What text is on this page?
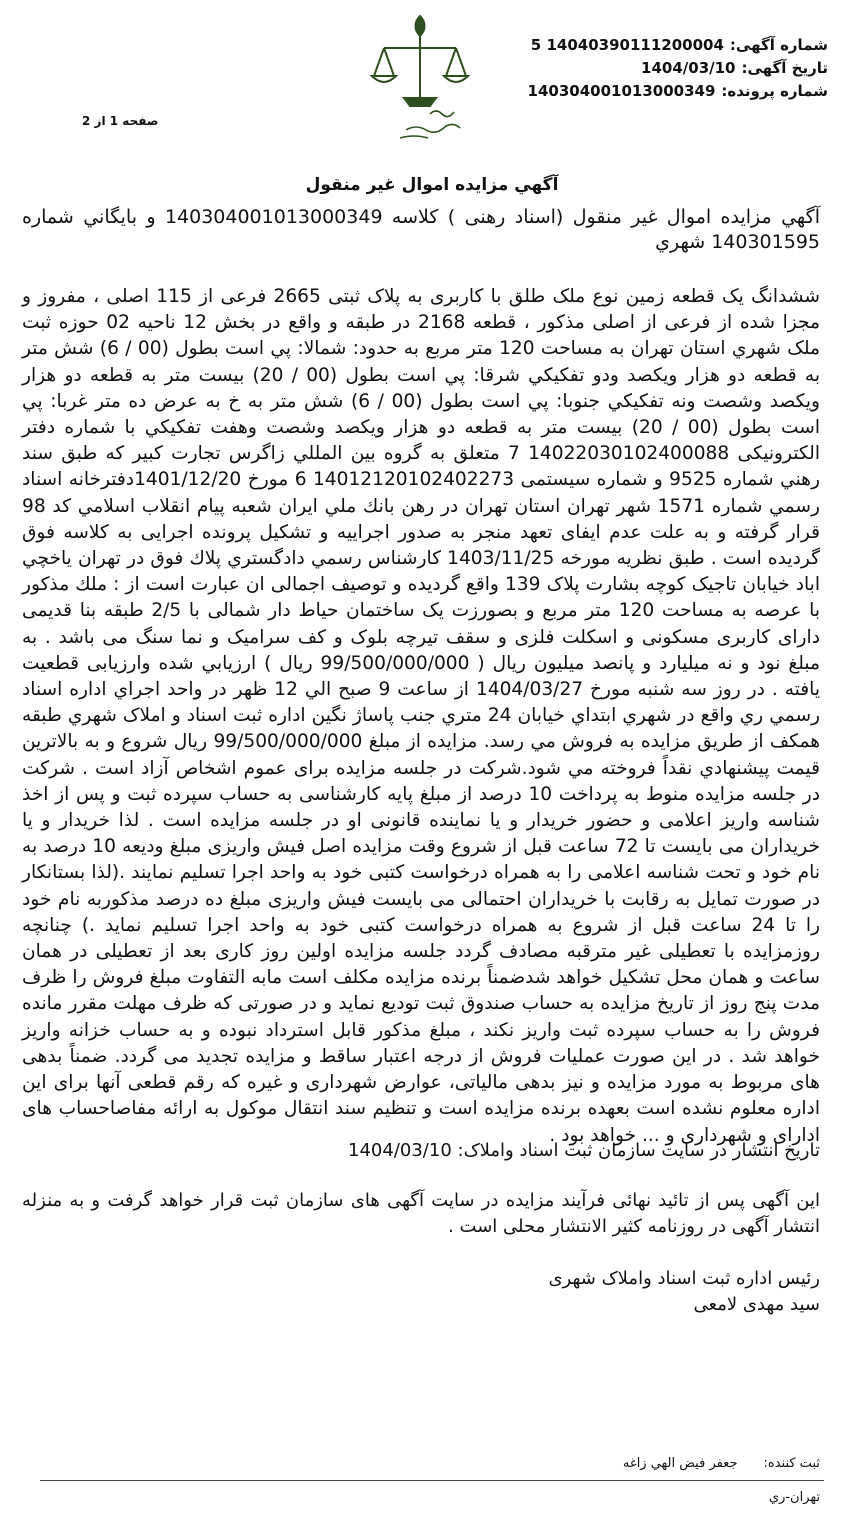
شماره آگهی:
14040390111200004 5
تاریخ آگهی:
1404/03/10
شماره پرونده:
140304001013000349
صفحه 1 از 2
آگهي مزايده اموال غير منقول
آگهي مزايده اموال غير منقول (اسناد رهنی ) کلاسه 140304001013000349 و بايگاني شماره 140301595 شهري
ششدانگ یک قطعه زمین نوع ملک طلق با کاربری به پلاک ثبتی 2665 فرعی از 115 اصلی ، مفروز و مجزا شده از فرعی از اصلی مذکور ، قطعه 2168 در طبقه و واقع در بخش 12 ناحيه 02 حوزه ثبت ملک شهري استان تهران به مساحت 120 متر مربع به حدود: شمالا: پي است بطول (00 / 6) شش متر به قطعه دو هزار ویکصد ودو تفکیکي شرقا: پي است بطول (00 / 20) بیست متر به قطعه دو هزار ویکصد وشصت ونه تفکیکي جنوبا: پي است بطول (00 / 6) شش متر به خ به عرض ده متر غربا: پي است بطول (00 / 20) بیست متر به قطعه دو هزار ویکصد وشصت وهفت تفکیکي با شماره دفتر الکترونیکی 14022030102400088 7 متعلق به گروه بین المللي زاگرس تجارت کبير که طبق سند رهني شماره 9525 و شماره سیستمی 14012120102402273 6 مورخ 1401/12/20دفترخانه اسناد رسمي شماره 1571 شهر تهران استان تهران در رهن بانك ملي ايران شعبه پيام انقلاب اسلامي کد 98 قرار گرفته و به علت عدم ایفای تعهد منجر به صدور اجراییه و تشکیل پرونده اجرایی به کلاسه فوق گردیده است . طبق نظريه مورخه 1403/11/25 کارشناس رسمي دادگستري پلاك فوق در تهران ياخچي اباد خيابان تاجيک کوچه بشارت پلاک 139 واقع گردیده و توصیف اجمالی ان عبارت است از : ملك مذکور با عرصه به مساحت 120 متر مربع و بصورزت یک ساختمان حياط دار شمالی با 2/5 طبقه بنا قدیمی دارای کاربری مسکونی و اسکلت فلزی و سقف تیرچه بلوک و کف سرامیک و نما سنگ می باشد . به مبلغ نود و نه میلیارد و پانصد میلیون ريال ( 99/500/000/000 ريال ) ارزيابي شده وارزيابی قطعيت یافته . در روز سه شنبه مورخ 1404/03/27 از ساعت 9 صبح الي 12 ظهر در واحد اجراي اداره اسناد رسمي ري واقع در شهري ابتداي خيابان 24 متري جنب پاساژ نگين اداره ثبت اسناد و املاک شهري طبقه همكف از طريق مزايده به فروش مي رسد. مزايده از مبلغ 99/500/000/000 ريال شروع و به بالاترين قیمت پیشنهادي نقداً فروخته مي شود.شرکت در جلسه مزایده برای عموم اشخاص آزاد است . شرکت در جلسه مزایده منوط به پرداخت 10 درصد از مبلغ پایه کارشناسی به حساب سپرده ثبت و پس از اخذ شناسه واریز اعلامی و حضور خریدار و یا نماینده قانونی او در جلسه مزایده است . لذا خریدار و یا خریداران می بایست تا 72 ساعت قبل از شروع وقت مزایده اصل فیش واریزی مبلغ ودیعه 10 درصد به نام خود و تحت شناسه اعلامی را به همراه درخواست کتبی خود به واحد اجرا تسلیم نمایند .(لذا بستانکار در صورت تمایل به رقابت با خریداران احتمالی می بایست فیش واریزی مبلغ ده درصد مذکوربه نام خود را تا 24 ساعت قبل از شروع به همراه درخواست کتبی خود به واحد اجرا تسلیم نماید .) چنانچه روزمزایده با تعطیلی غیر مترقبه مصادف گردد جلسه مزایده اولین روز کاری بعد از تعطیلی در همان ساعت و همان محل تشکیل خواهد شدضمناً برنده مزایده مکلف است مابه التفاوت مبلغ فروش را ظرف مدت پنج روز از تاریخ مزایده به حساب صندوق ثبت تودیع نماید و در صورتی که ظرف مهلت مقرر مانده فروش را به حساب سپرده ثبت واریز نکند ، مبلغ مذکور قابل استرداد نبوده و به حساب خزانه واریز خواهد شد . در این صورت عملیات فروش از درجه اعتبار ساقط و مزایده تجدید می گردد. ضمناً بدهی های مربوط به مورد مزایده و نیز بدهی مالیاتی، عوارض شهرداری و غیره که رقم قطعی آنها برای این اداره معلوم نشده است بعهده برنده مزایده است و تنظیم سند انتقال موکول به ارائه مفاصاحساب های ادارای و شهرداری و ... خواهد بود .
تاریخ انتشار در سایت سازمان ثبت اسناد واملاک: 1404/03/10
این آگهی پس از تائید نهائی فرآیند مزایده در سایت آگهی های سازمان ثبت قرار خواهد گرفت و به منزله انتشار آگهی در روزنامه کثیر الانتشار محلی است .
رئیس اداره ثبت اسناد واملاک شهری
سید مهدی لامعی
ثبت کننده:
جعفر فیض الهي زاغه
تهران-ري
